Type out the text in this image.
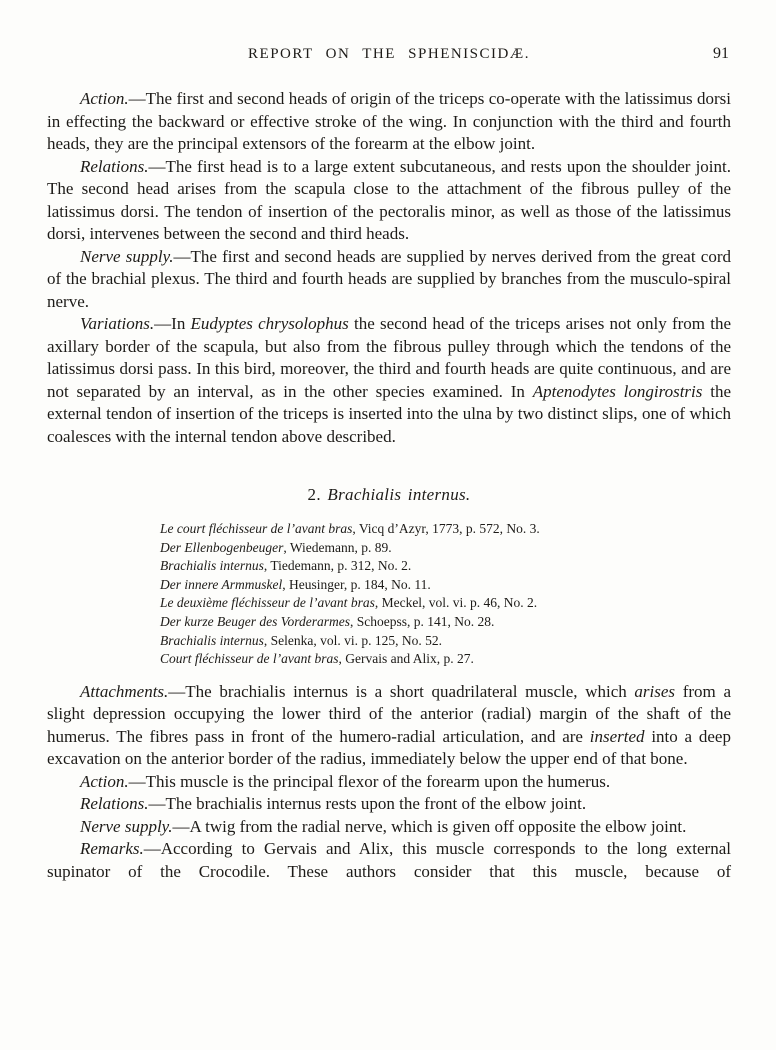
REPORT ON THE SPHENISCIDÆ.	91

Action.—The first and second heads of origin of the triceps co-operate with the latissimus dorsi in effecting the backward or effective stroke of the wing. In conjunction with the third and fourth heads, they are the principal extensors of the forearm at the elbow joint.

Relations.—The first head is to a large extent subcutaneous, and rests upon the shoulder joint. The second head arises from the scapula close to the attachment of the fibrous pulley of the latissimus dorsi. The tendon of insertion of the pectoralis minor, as well as those of the latissimus dorsi, intervenes between the second and third heads.

Nerve supply.—The first and second heads are supplied by nerves derived from the great cord of the brachial plexus. The third and fourth heads are supplied by branches from the musculo-spiral nerve.

Variations.—In Eudyptes chrysolophus the second head of the triceps arises not only from the axillary border of the scapula, but also from the fibrous pulley through which the tendons of the latissimus dorsi pass. In this bird, moreover, the third and fourth heads are quite continuous, and are not separated by an interval, as in the other species examined. In Aptenodytes longirostris the external tendon of insertion of the triceps is inserted into the ulna by two distinct slips, one of which coalesces with the internal tendon above described.

2. Brachialis internus.
Le court fléchisseur de l’avant bras, Vicq d’Azyr, 1773, p. 572, No. 3.
Der Ellenbogenbeuger, Wiedemann, p. 89.
Brachialis internus, Tiedemann, p. 312, No. 2.
Der innere Armmuskel, Heusinger, p. 184, No. 11.
Le deuxième fléchisseur de l’avant bras, Meckel, vol. vi. p. 46, No. 2.
Der kurze Beuger des Vorderarmes, Schoepss, p. 141, No. 28.
Brachialis internus, Selenka, vol. vi. p. 125, No. 52.
Court fléchisseur de l’avant bras, Gervais and Alix, p. 27.

Attachments.—The brachialis internus is a short quadrilateral muscle, which arises from a slight depression occupying the lower third of the anterior (radial) margin of the shaft of the humerus. The fibres pass in front of the humero-radial articulation, and are inserted into a deep excavation on the anterior border of the radius, immediately below the upper end of that bone.

Action.—This muscle is the principal flexor of the forearm upon the humerus.

Relations.—The brachialis internus rests upon the front of the elbow joint.

Nerve supply.—A twig from the radial nerve, which is given off opposite the elbow joint.

Remarks.—According to Gervais and Alix, this muscle corresponds to the long external supinator of the Crocodile. These authors consider that this muscle, because of
